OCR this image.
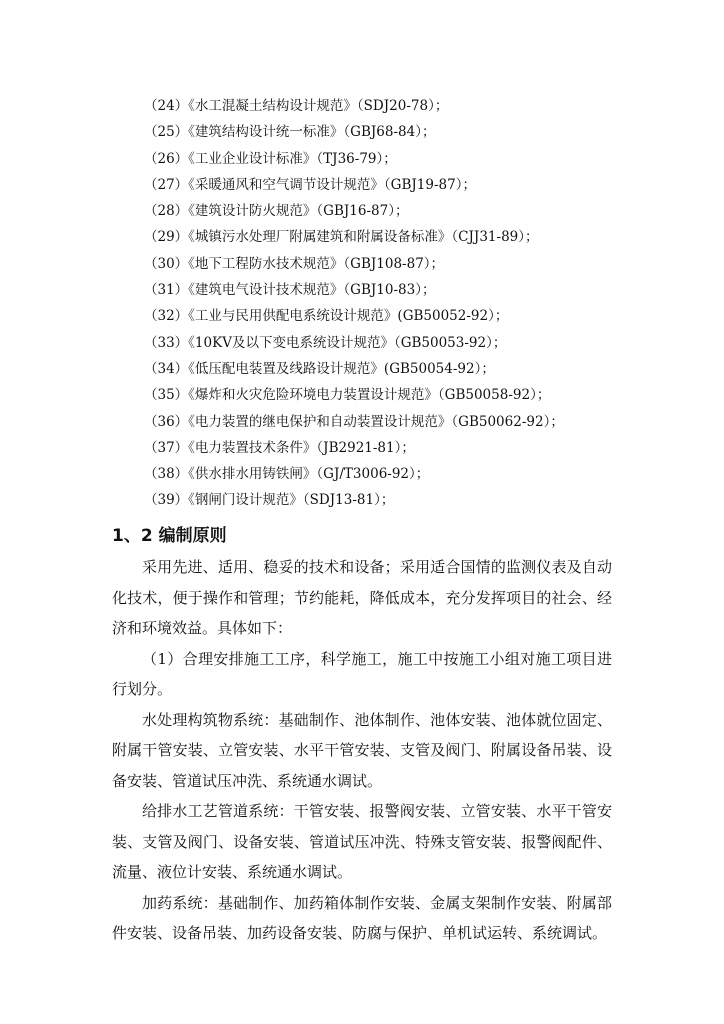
（24）《水工混凝土结构设计规范》（SDJ20-78）；
（25）《建筑结构设计统一标准》（GBJ68-84）；
（26）《工业企业设计标准》（TJ36-79）；
（27）《采暖通风和空气调节设计规范》（GBJ19-87）；
（28）《建筑设计防火规范》（GBJ16-87）；
（29）《城镇污水处理厂附属建筑和附属设备标准》（CJJ31-89）；
（30）《地下工程防水技术规范》（GBJ108-87）；
（31）《建筑电气设计技术规范》（GBJ10-83）；
（32）《工业与民用供配电系统设计规范》(GB50052-92）；
（33）《10KV及以下变电系统设计规范》（GB50053-92）；
（34）《低压配电装置及线路设计规范》(GB50054-92）；
（35）《爆炸和火灾危险环境电力装置设计规范》（GB50058-92）；
（36）《电力装置的继电保护和自动装置设计规范》（GB50062-92）；
（37）《电力装置技术条件》（JB2921-81）；
（38）《供水排水用铸铁闸》（GJ/T3006-92）；
（39）《钢闸门设计规范》（SDJ13-81）；
1、2 编制原则

采用先进、适用、稳妥的技术和设备；采用适合国情的监测仪表及自动化技术，便于操作和管理；节约能耗，降低成本，充分发挥项目的社会、经济和环境效益。具体如下：

（1）合理安排施工工序，科学施工，施工中按施工小组对施工项目进行划分。

水处理构筑物系统：基础制作、池体制作、池体安装、池体就位固定、附属干管安装、立管安装、水平干管安装、支管及阀门、附属设备吊装、设备安装、管道试压冲洗、系统通水调试。

给排水工艺管道系统：干管安装、报警阀安装、立管安装、水平干管安装、支管及阀门、设备安装、管道试压冲洗、特殊支管安装、报警阀配件、流量、液位计安装、系统通水调试。

加药系统：基础制作、加药箱体制作安装、金属支架制作安装、附属部件安装、设备吊装、加药设备安装、防腐与保护、单机试运转、系统调试。
